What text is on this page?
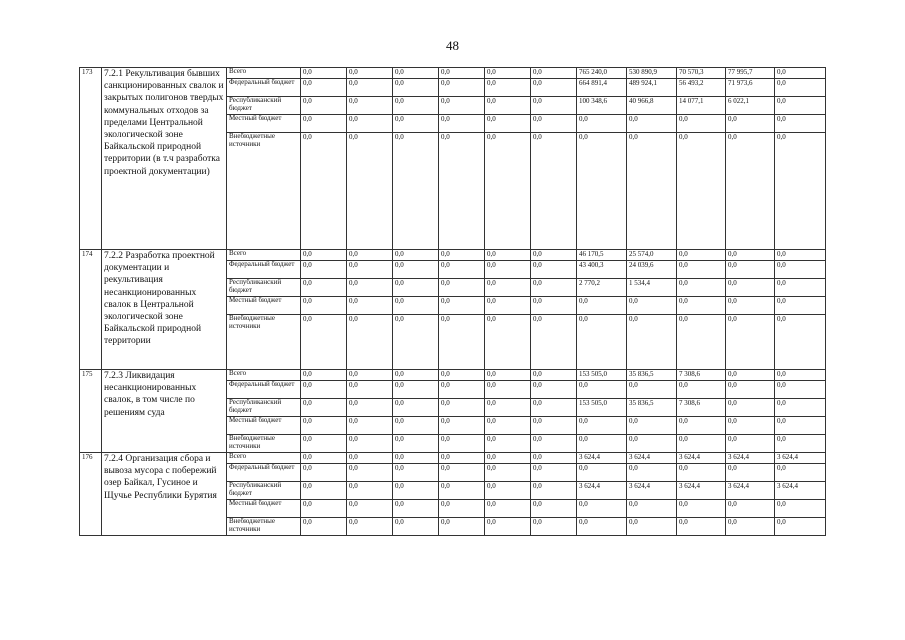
48
173	7.2.1 Рекультивация бывших санкционированных свалок и закрытых полигонов твердых коммунальных отходов за пределами Центральной экологической зоне Байкальской природной территории (в т.ч разработка проектной документации)	Всего	0,0	0,0	0,0	0,0	0,0	0,0	765 240,0	530 890,9	70 570,3	77 995,7	0,0
		Федеральный бюджет	0,0	0,0	0,0	0,0	0,0	0,0	664 891,4	489 924,1	56 493,2	71 973,6	0,0
		Республиканский бюджет	0,0	0,0	0,0	0,0	0,0	0,0	100 348,6	40 966,8	14 077,1	6 022,1	0,0
		Местный бюджет	0,0	0,0	0,0	0,0	0,0	0,0	0,0	0,0	0,0	0,0	0,0
		Внебюджетные источники	0,0	0,0	0,0	0,0	0,0	0,0	0,0	0,0	0,0	0,0	0,0
174	7.2.2 Разработка проектной документации и рекультивация несанкционированных свалок в Центральной экологической зоне Байкальской природной территории	Всего	0,0	0,0	0,0	0,0	0,0	0,0	46 170,5	25 574,0	0,0	0,0	0,0
		Федеральный бюджет	0,0	0,0	0,0	0,0	0,0	0,0	43 400,3	24 039,6	0,0	0,0	0,0
		Республиканский бюджет	0,0	0,0	0,0	0,0	0,0	0,0	2 770,2	1 534,4	0,0	0,0	0,0
		Местный бюджет	0,0	0,0	0,0	0,0	0,0	0,0	0,0	0,0	0,0	0,0	0,0
		Внебюджетные источники	0,0	0,0	0,0	0,0	0,0	0,0	0,0	0,0	0,0	0,0	0,0
175	7.2.3 Ликвидация несанкционированных свалок, в том числе по решениям суда	Всего	0,0	0,0	0,0	0,0	0,0	0,0	153 505,0	35 836,5	7 308,6	0,0	0,0
		Федеральный бюджет	0,0	0,0	0,0	0,0	0,0	0,0	0,0	0,0	0,0	0,0	0,0
		Республиканский бюджет	0,0	0,0	0,0	0,0	0,0	0,0	153 505,0	35 836,5	7 308,6	0,0	0,0
		Местный бюджет	0,0	0,0	0,0	0,0	0,0	0,0	0,0	0,0	0,0	0,0	0,0
		Внебюджетные источники	0,0	0,0	0,0	0,0	0,0	0,0	0,0	0,0	0,0	0,0	0,0
176	7.2.4 Организация сбора и вывоза мусора с побережий озер Байкал, Гусиное и Щучье Республики Бурятия	Всего	0,0	0,0	0,0	0,0	0,0	0,0	3 624,4	3 624,4	3 624,4	3 624,4	3 624,4
		Федеральный бюджет	0,0	0,0	0,0	0,0	0,0	0,0	0,0	0,0	0,0	0,0	0,0
		Республиканский бюджет	0,0	0,0	0,0	0,0	0,0	0,0	3 624,4	3 624,4	3 624,4	3 624,4	3 624,4
		Местный бюджет	0,0	0,0	0,0	0,0	0,0	0,0	0,0	0,0	0,0	0,0	0,0
		Внебюджетные источники	0,0	0,0	0,0	0,0	0,0	0,0	0,0	0,0	0,0	0,0	0,0
